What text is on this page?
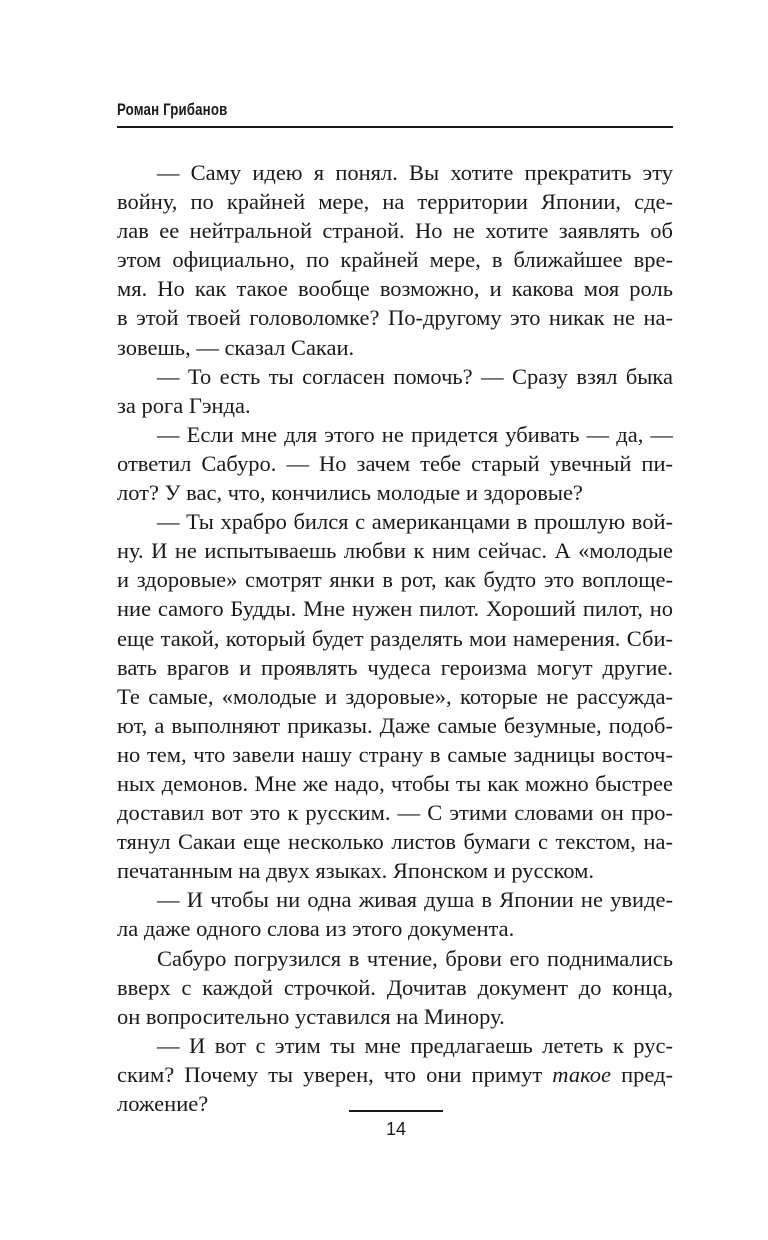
Роман Грибанов
— Саму идею я понял. Вы хотите прекратить эту
войну, по крайней мере, на территории Японии, сде-
лав ее нейтральной страной. Но не хотите заявлять об
этом официально, по крайней мере, в ближайшее вре-
мя. Но как такое вообще возможно, и какова моя роль
в этой твоей головоломке? По-другому это никак не на-
зовешь, — сказал Сакаи.
— То есть ты согласен помочь? — Сразу взял быка
за рога Гэнда.
— Если мне для этого не придется убивать — да, —
ответил Сабуро. — Но зачем тебе старый увечный пи-
лот? У вас, что, кончились молодые и здоровые?
— Ты храбро бился с американцами в прошлую вой-
ну. И не испытываешь любви к ним сейчас. А «молодые
и здоровые» смотрят янки в рот, как будто это воплоще-
ние самого Будды. Мне нужен пилот. Хороший пилот, но
еще такой, который будет разделять мои намерения. Сби-
вать врагов и проявлять чудеса героизма могут другие.
Те самые, «молодые и здоровые», которые не рассужда-
ют, а выполняют приказы. Даже самые безумные, подоб-
но тем, что завели нашу страну в самые задницы восточ-
ных демонов. Мне же надо, чтобы ты как можно быстрее
доставил вот это к русским. — С этими словами он про-
тянул Сакаи еще несколько листов бумаги с текстом, на-
печатанным на двух языках. Японском и русском.
— И чтобы ни одна живая душа в Японии не увиде-
ла даже одного слова из этого документа.
Сабуро погрузился в чтение, брови его поднимались
вверх с каждой строчкой. Дочитав документ до конца,
он вопросительно уставился на Минору.
— И вот с этим ты мне предлагаешь лететь к рус-
ским? Почему ты уверен, что они примут такое пред-
ложение?
14
